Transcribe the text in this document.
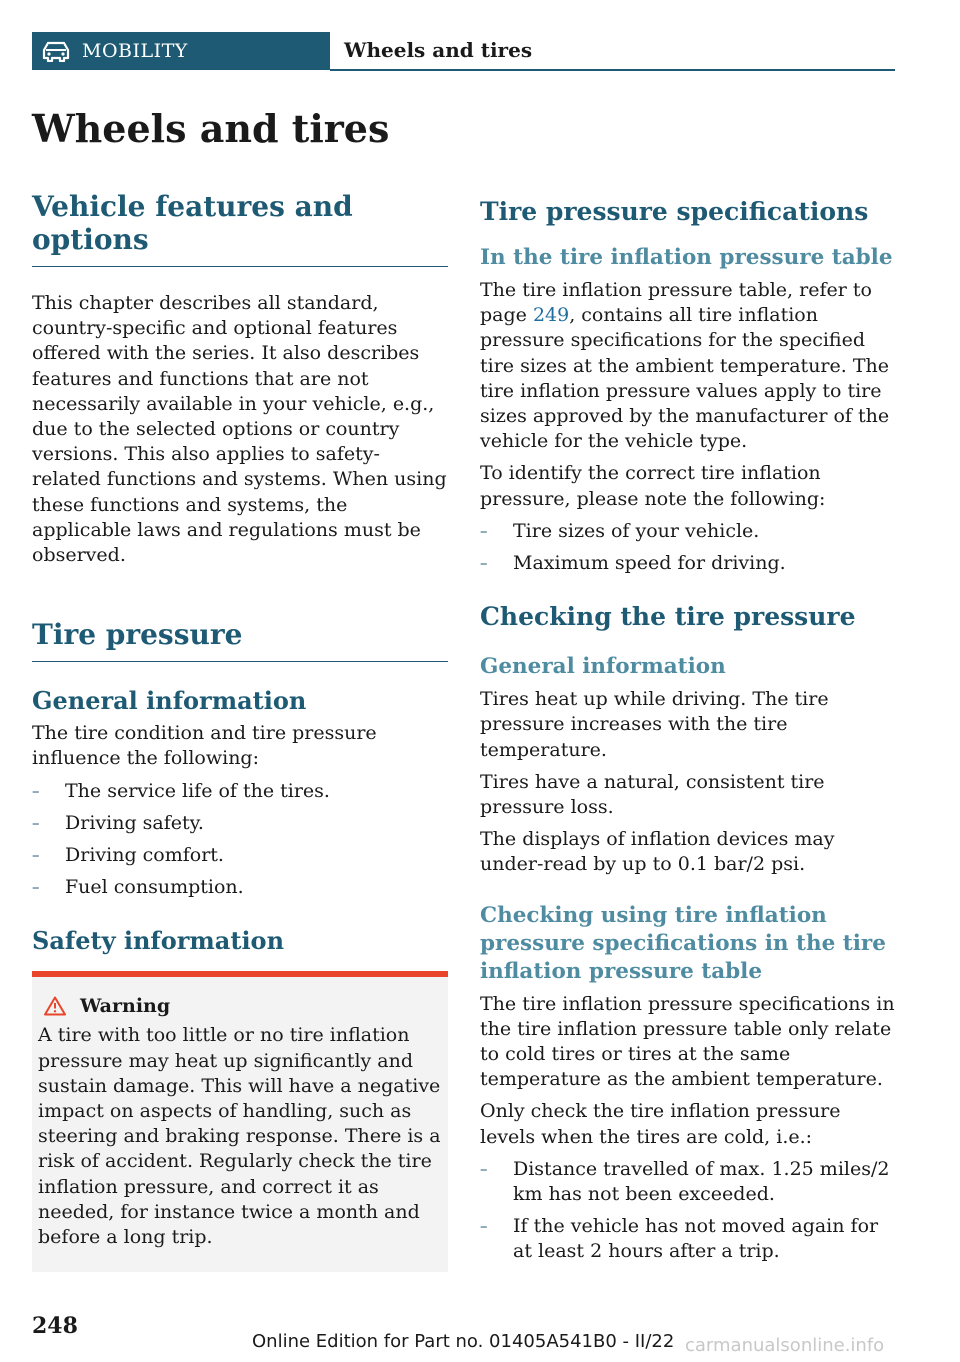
MOBILITY	Wheels and tires
Wheels and tires
Vehicle features and options

This chapter describes all standard, country-specific and optional features offered with the series. It also describes features and functions that are not necessarily available in your vehicle, e.g., due to the selected options or country versions. This also applies to safety-related functions and systems. When using these functions and systems, the applicable laws and regulations must be observed.

Tire pressure
General information

The tire condition and tire pressure influence the following:

– The service life of the tires.
– Driving safety.
– Driving comfort.
– Fuel consumption.
Safety information
Warning

A tire with too little or no tire inflation pressure may heat up significantly and sustain damage. This will have a negative impact on aspects of handling, such as steering and braking response. There is a risk of accident. Regularly check the tire inflation pressure, and correct it as needed, for instance twice a month and before a long trip.

Tire pressure specifications
In the tire inflation pressure table

The tire inflation pressure table, refer to page 249, contains all tire inflation pressure specifications for the specified tire sizes at the ambient temperature. The tire inflation pressure values apply to tire sizes approved by the manufacturer of the vehicle for the vehicle type.

To identify the correct tire inflation pressure, please note the following:

– Tire sizes of your vehicle.
– Maximum speed for driving.
Checking the tire pressure
General information

Tires heat up while driving. The tire pressure increases with the tire temperature.

Tires have a natural, consistent tire pressure loss.

The displays of inflation devices may under-read by up to 0.1 bar/2 psi.

Checking using tire inflation pressure specifications in the tire inflation pressure table

The tire inflation pressure specifications in the tire inflation pressure table only relate to cold tires or tires at the same temperature as the ambient temperature.

Only check the tire inflation pressure levels when the tires are cold, i.e.:

– Distance travelled of max. 1.25 miles/2 km has not been exceeded.
– If the vehicle has not moved again for at least 2 hours after a trip.
248
Online Edition for Part no. 01405A541B0 - II/22 carmanualsonline.info
